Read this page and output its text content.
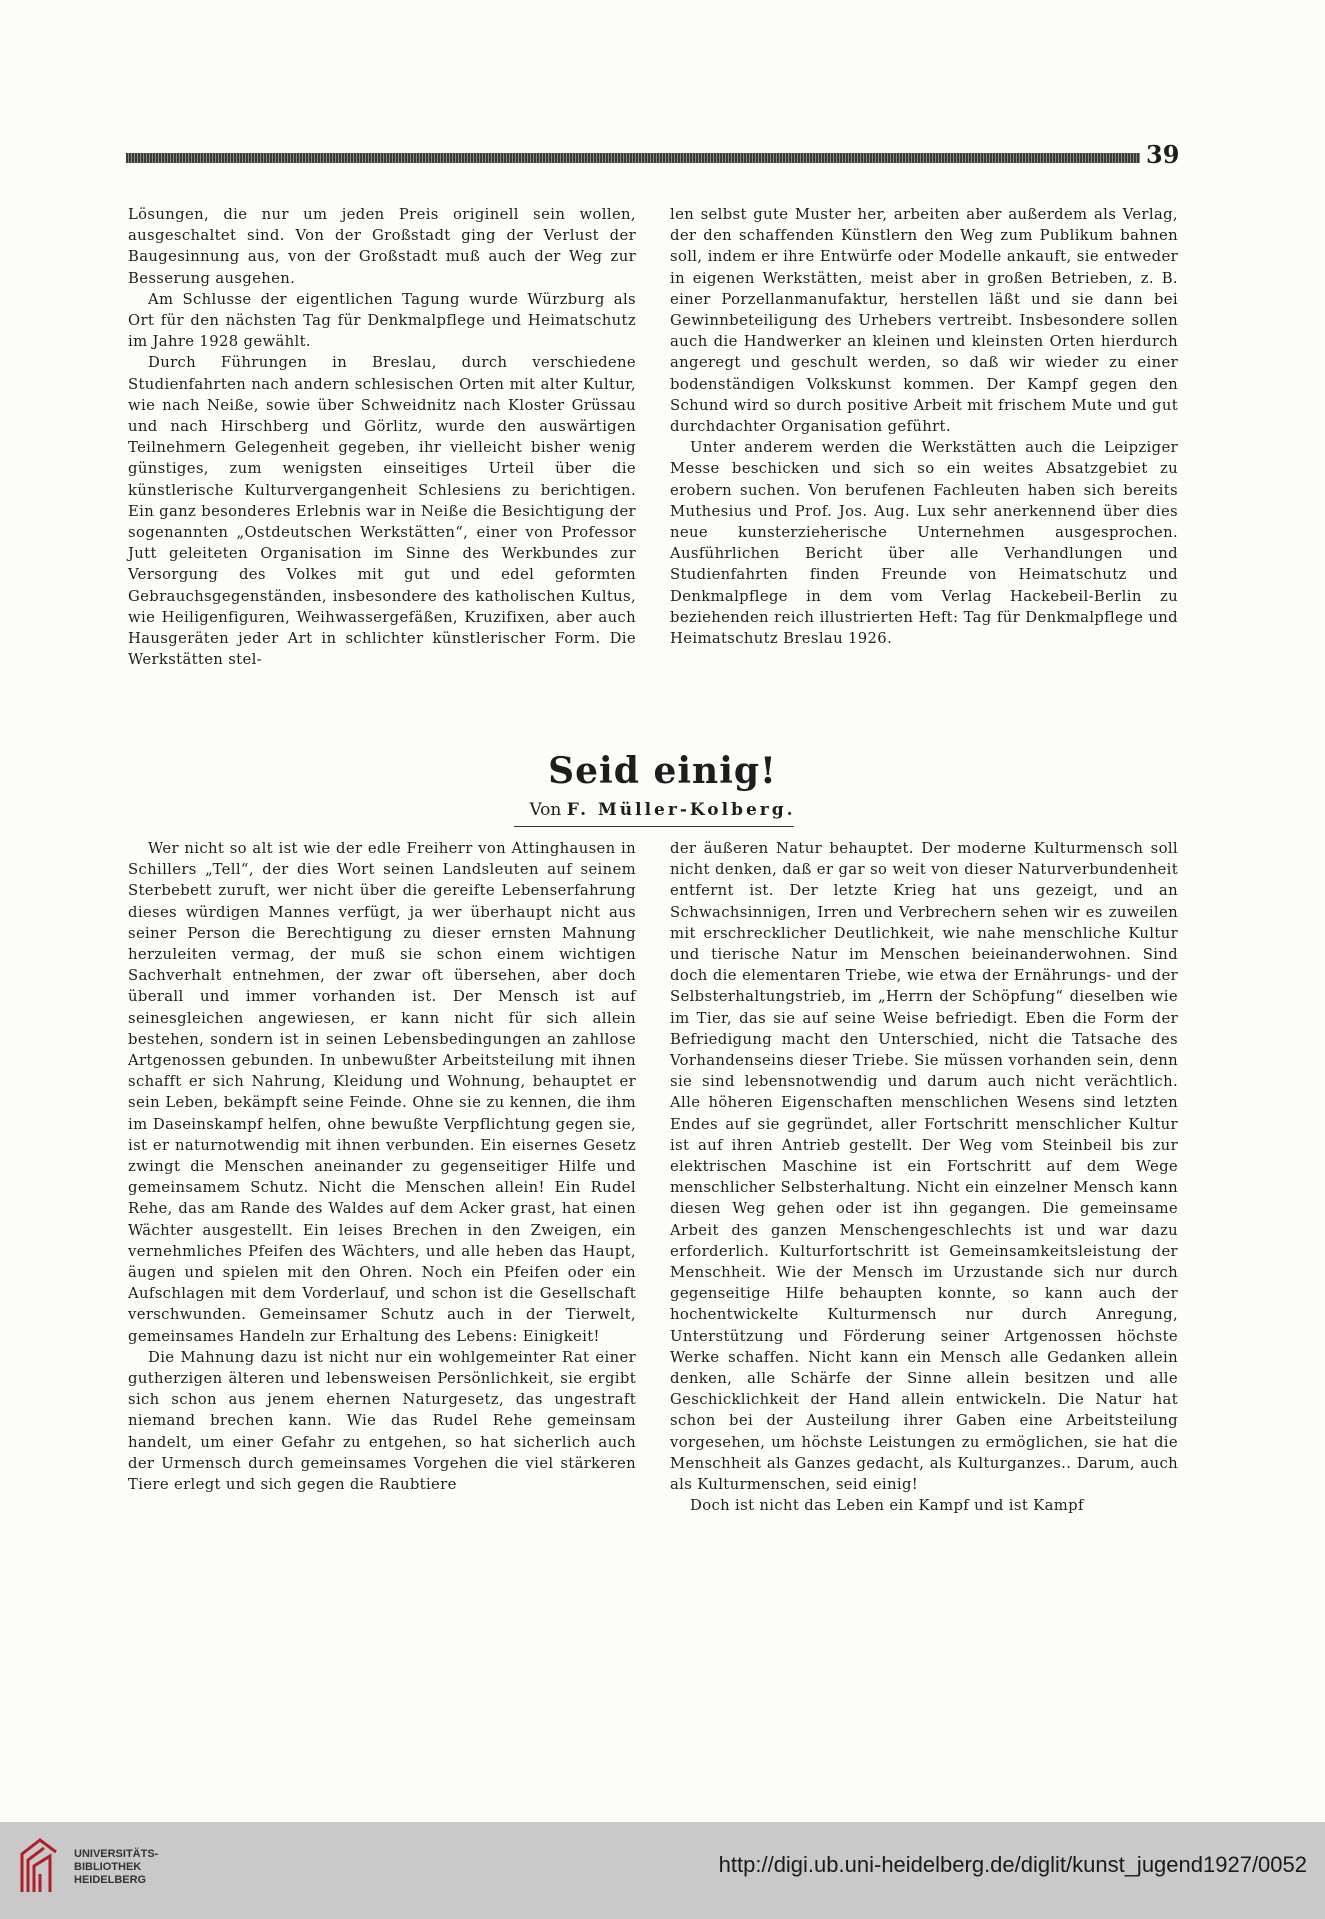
39

Lösungen, die nur um jeden Preis originell sein wollen, ausgeschaltet sind. Von der Großstadt ging der Verlust der Baugesinnung aus, von der Großstadt muß auch der Weg zur Besserung ausgehen.

Am Schlusse der eigentlichen Tagung wurde Würzburg als Ort für den nächsten Tag für Denkmalpflege und Heimatschutz im Jahre 1928 gewählt.

Durch Führungen in Breslau, durch verschiedene Studienfahrten nach andern schlesischen Orten mit alter Kultur, wie nach Neiße, sowie über Schweidnitz nach Kloster Grüssau und nach Hirschberg und Görlitz, wurde den auswärtigen Teilnehmern Gelegenheit gegeben, ihr vielleicht bisher wenig günstiges, zum wenigsten einseitiges Urteil über die künstlerische Kulturvergangenheit Schlesiens zu berichtigen. Ein ganz besonderes Erlebnis war in Neiße die Besichtigung der sogenannten „Ostdeutschen Werkstätten“, einer von Professor Jutt geleiteten Organisation im Sinne des Werkbundes zur Versorgung des Volkes mit gut und edel geformten Gebrauchsgegenständen, insbesondere des katholischen Kultus, wie Heiligenfiguren, Weihwassergefäßen, Kruzifixen, aber auch Hausgeräten jeder Art in schlichter künstlerischer Form. Die Werkstätten stel-

len selbst gute Muster her, arbeiten aber außerdem als Verlag, der den schaffenden Künstlern den Weg zum Publikum bahnen soll, indem er ihre Entwürfe oder Modelle ankauft, sie entweder in eigenen Werkstätten, meist aber in großen Betrieben, z. B. einer Porzellanmanufaktur, herstellen läßt und sie dann bei Gewinnbeteiligung des Urhebers vertreibt. Insbesondere sollen auch die Handwerker an kleinen und kleinsten Orten hierdurch angeregt und geschult werden, so daß wir wieder zu einer bodenständigen Volkskunst kommen. Der Kampf gegen den Schund wird so durch positive Arbeit mit frischem Mute und gut durchdachter Organisation geführt.

Unter anderem werden die Werkstätten auch die Leipziger Messe beschicken und sich so ein weites Absatzgebiet zu erobern suchen. Von berufenen Fachleuten haben sich bereits Muthesius und Prof. Jos. Aug. Lux sehr anerkennend über dies neue kunsterzieherische Unternehmen ausgesprochen. Ausführlichen Bericht über alle Verhandlungen und Studienfahrten finden Freunde von Heimatschutz und Denkmalpflege in dem vom Verlag Hackebeil-Berlin zu beziehenden reich illustrierten Heft: Tag für Denkmalpflege und Heimatschutz Breslau 1926.

Seid einig!
Von F. Müller-Kolberg.

Wer nicht so alt ist wie der edle Freiherr von Attinghausen in Schillers „Tell“, der dies Wort seinen Landsleuten auf seinem Sterbebett zuruft, wer nicht über die gereifte Lebenserfahrung dieses würdigen Mannes verfügt, ja wer überhaupt nicht aus seiner Person die Berechtigung zu dieser ernsten Mahnung herzuleiten vermag, der muß sie schon einem wichtigen Sachverhalt entnehmen, der zwar oft übersehen, aber doch überall und immer vorhanden ist. Der Mensch ist auf seinesgleichen angewiesen, er kann nicht für sich allein bestehen, sondern ist in seinen Lebensbedingungen an zahllose Artgenossen gebunden. In unbewußter Arbeitsteilung mit ihnen schafft er sich Nahrung, Kleidung und Wohnung, behauptet er sein Leben, bekämpft seine Feinde. Ohne sie zu kennen, die ihm im Daseinskampf helfen, ohne bewußte Verpflichtung gegen sie, ist er naturnotwendig mit ihnen verbunden. Ein eisernes Gesetz zwingt die Menschen aneinander zu gegenseitiger Hilfe und gemeinsamem Schutz. Nicht die Menschen allein! Ein Rudel Rehe, das am Rande des Waldes auf dem Acker grast, hat einen Wächter ausgestellt. Ein leises Brechen in den Zweigen, ein vernehmliches Pfeifen des Wächters, und alle heben das Haupt, äugen und spielen mit den Ohren. Noch ein Pfeifen oder ein Aufschlagen mit dem Vorderlauf, und schon ist die Gesellschaft verschwunden. Gemeinsamer Schutz auch in der Tierwelt, gemeinsames Handeln zur Erhaltung des Lebens: Einigkeit!

Die Mahnung dazu ist nicht nur ein wohlgemeinter Rat einer gutherzigen älteren und lebensweisen Persönlichkeit, sie ergibt sich schon aus jenem ehernen Naturgesetz, das ungestraft niemand brechen kann. Wie das Rudel Rehe gemeinsam handelt, um einer Gefahr zu entgehen, so hat sicherlich auch der Urmensch durch gemeinsames Vorgehen die viel stärkeren Tiere erlegt und sich gegen die Raubtiere

der äußeren Natur behauptet. Der moderne Kulturmensch soll nicht denken, daß er gar so weit von dieser Naturverbundenheit entfernt ist. Der letzte Krieg hat uns gezeigt, und an Schwachsinnigen, Irren und Verbrechern sehen wir es zuweilen mit erschrecklicher Deutlichkeit, wie nahe menschliche Kultur und tierische Natur im Menschen beieinanderwohnen. Sind doch die elementaren Triebe, wie etwa der Ernährungs- und der Selbsterhaltungstrieb, im „Herrn der Schöpfung“ dieselben wie im Tier, das sie auf seine Weise befriedigt. Eben die Form der Befriedigung macht den Unterschied, nicht die Tatsache des Vorhandenseins dieser Triebe. Sie müssen vorhanden sein, denn sie sind lebensnotwendig und darum auch nicht verächtlich. Alle höheren Eigenschaften menschlichen Wesens sind letzten Endes auf sie gegründet, aller Fortschritt menschlicher Kultur ist auf ihren Antrieb gestellt. Der Weg vom Steinbeil bis zur elektrischen Maschine ist ein Fortschritt auf dem Wege menschlicher Selbsterhaltung. Nicht ein einzelner Mensch kann diesen Weg gehen oder ist ihn gegangen. Die gemeinsame Arbeit des ganzen Menschengeschlechts ist und war dazu erforderlich. Kulturfortschritt ist Gemeinsamkeitsleistung der Menschheit. Wie der Mensch im Urzustande sich nur durch gegenseitige Hilfe behaupten konnte, so kann auch der hochentwickelte Kulturmensch nur durch Anregung, Unterstützung und Förderung seiner Artgenossen höchste Werke schaffen. Nicht kann ein Mensch alle Gedanken allein denken, alle Schärfe der Sinne allein besitzen und alle Geschicklichkeit der Hand allein entwickeln. Die Natur hat schon bei der Austeilung ihrer Gaben eine Arbeitsteilung vorgesehen, um höchste Leistungen zu ermöglichen, sie hat die Menschheit als Ganzes gedacht, als Kulturganzes.. Darum, auch als Kulturmenschen, seid einig!

Doch ist nicht das Leben ein Kampf und ist Kampf

UNIVERSITÄTS-
BIBLIOTHEK
HEIDELBERG
http://digi.ub.uni-heidelberg.de/diglit/kunst_jugend1927/0052
